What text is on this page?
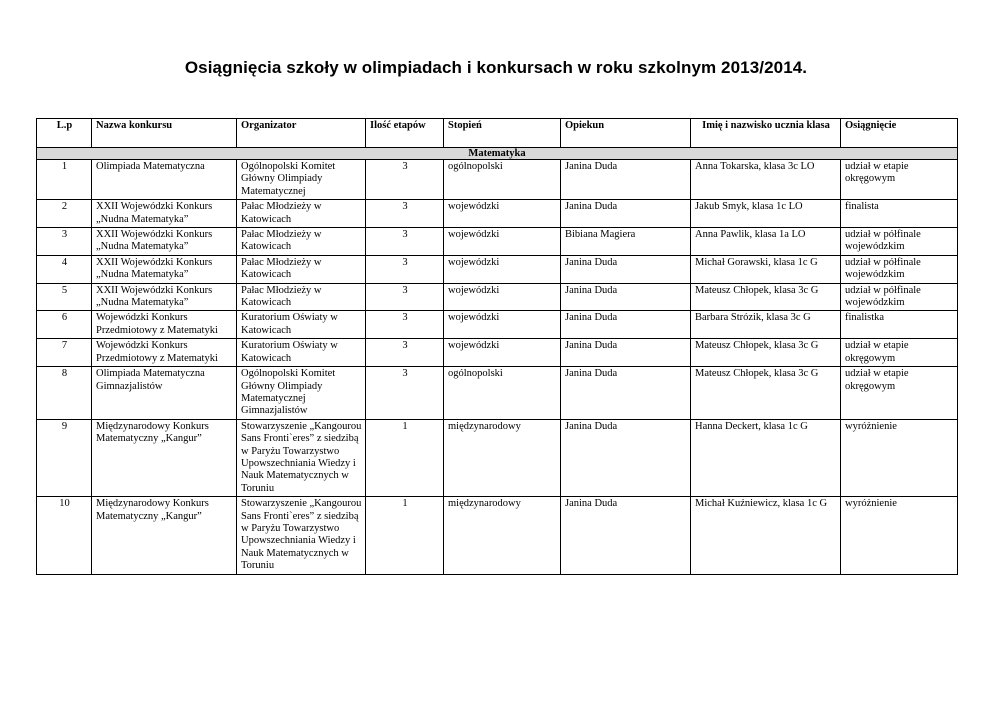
Osiągnięcia szkoły w olimpiadach i konkursach w roku szkolnym 2013/2014.
L.p	Nazwa konkursu	Organizator	Ilość etapów	Stopień	Opiekun	Imię i nazwisko ucznia klasa	Osiągnięcie
Matematyka							
1	Olimpiada Matematyczna	Ogólnopolski Komitet Główny Olimpiady Matematycznej	3	ogólnopolski	Janina Duda	Anna Tokarska, klasa 3c LO	udział w etapie okręgowym
2	XXII Wojewódzki Konkurs „Nudna Matematyka”	Pałac Młodzieży w Katowicach	3	wojewódzki	Janina Duda	Jakub Smyk, klasa 1c LO	finalista
3	XXII Wojewódzki Konkurs „Nudna Matematyka”	Pałac Młodzieży w Katowicach	3	wojewódzki	Bibiana Magiera	Anna Pawlik, klasa 1a LO	udział w półfinale wojewódzkim
4	XXII Wojewódzki Konkurs „Nudna Matematyka”	Pałac Młodzieży w Katowicach	3	wojewódzki	Janina Duda	Michał Gorawski, klasa 1c G	udział w półfinale wojewódzkim
5	XXII Wojewódzki Konkurs „Nudna Matematyka”	Pałac Młodzieży w Katowicach	3	wojewódzki	Janina Duda	Mateusz Chłopek, klasa 3c G	udział w półfinale wojewódzkim
6	Wojewódzki Konkurs Przedmiotowy z Matematyki	Kuratorium Oświaty w Katowicach	3	wojewódzki	Janina Duda	Barbara Strózik, klasa 3c G	finalistka
7	Wojewódzki Konkurs Przedmiotowy z Matematyki	Kuratorium Oświaty w Katowicach	3	wojewódzki	Janina Duda	Mateusz Chłopek, klasa 3c G	udział w etapie okręgowym
8	Olimpiada Matematyczna Gimnazjalistów	Ogólnopolski Komitet Główny Olimpiady Matematycznej Gimnazjalistów	3	ogólnopolski	Janina Duda	Mateusz Chłopek, klasa 3c G	udział w etapie okręgowym
9	Międzynarodowy Konkurs Matematyczny „Kangur”	Stowarzyszenie „Kangourou Sans Fronti`eres” z siedzibą w Paryżu Towarzystwo Upowszechniania Wiedzy i Nauk Matematycznych w Toruniu	1	międzynarodowy	Janina Duda	Hanna Deckert, klasa 1c G	wyróżnienie
10	Międzynarodowy Konkurs Matematyczny „Kangur”	Stowarzyszenie „Kangourou Sans Fronti`eres” z siedzibą w Paryżu Towarzystwo Upowszechniania Wiedzy i Nauk Matematycznych w Toruniu	1	międzynarodowy	Janina Duda	Michał Kuźniewicz, klasa 1c G	wyróżnienie
